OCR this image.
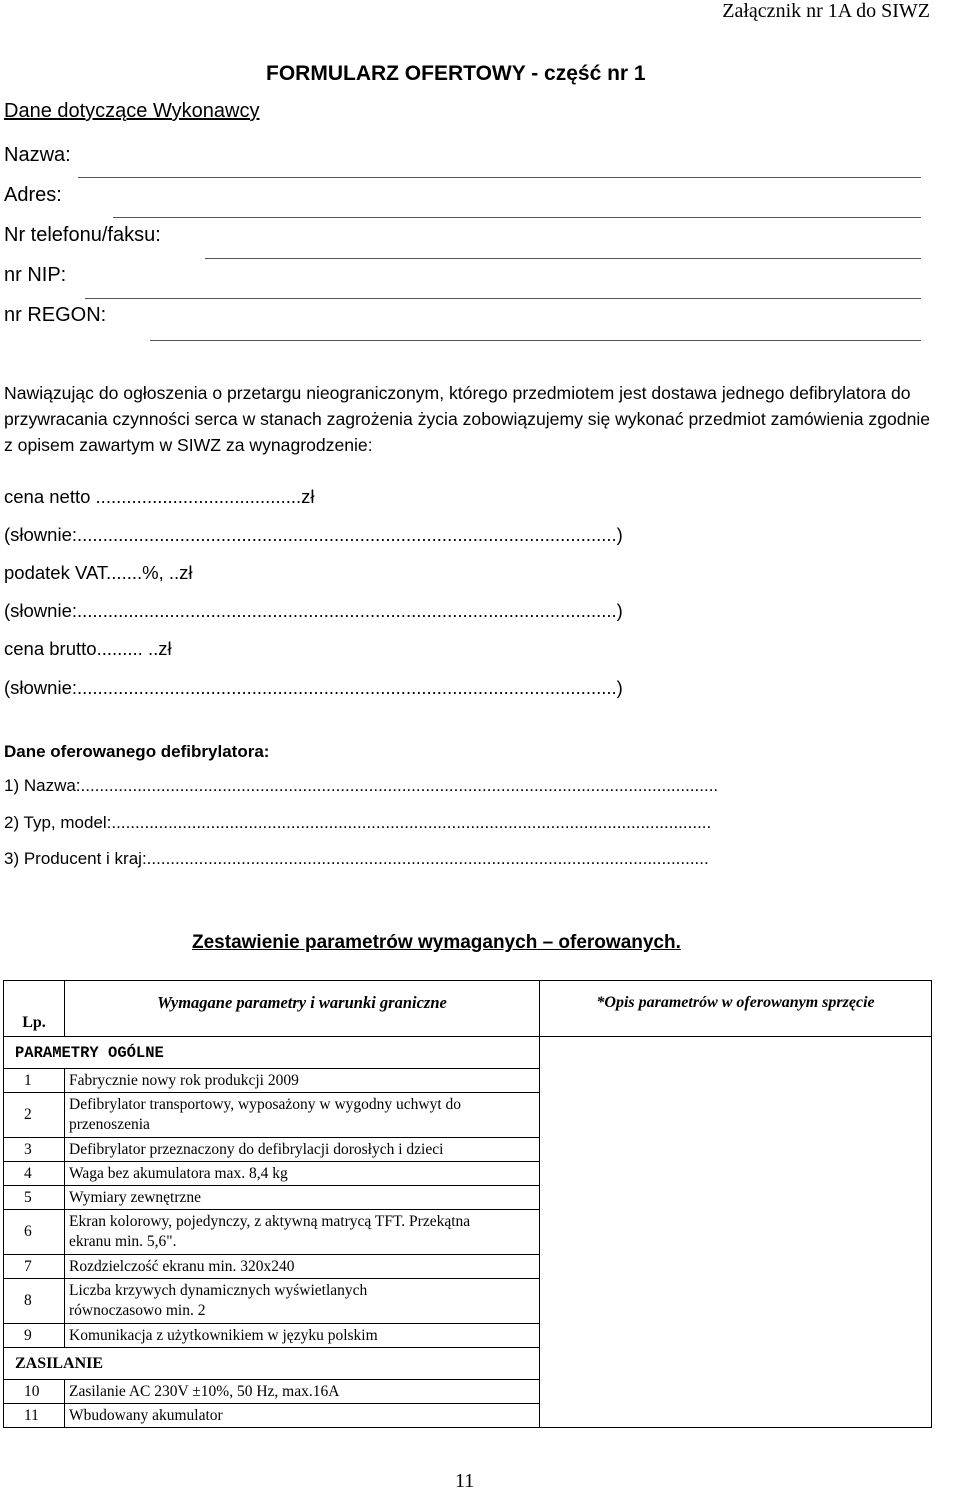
Załącznik nr 1A do SIWZ
FORMULARZ OFERTOWY - część nr 1
Dane dotyczące Wykonawcy
Nazwa:
Adres:
Nr telefonu/faksu:
nr NIP:
nr REGON:
Nawiązując do ogłoszenia o przetargu nieograniczonym, którego przedmiotem jest dostawa jednego defibrylatora do przywracania czynności serca w stanach zagrożenia życia zobowiązujemy się wykonać przedmiot zamówienia zgodnie z opisem zawartym w SIWZ za wynagrodzenie:
cena netto ........................................zł
(słownie:.........................................................................................................)
podatek VAT.......%, ..zł
(słownie:.........................................................................................................)
cena brutto......... ..zł
(słownie:.........................................................................................................)
Dane oferowanego defibrylatora:
1) Nazwa:.......................................................................................................................................
2) Typ, model:...............................................................................................................................
3) Producent i kraj:.......................................................................................................................
Zestawienie parametrów wymaganych – oferowanych.
Lp.	Wymagane parametry i warunki graniczne	*Opis parametrów w oferowanym sprzęcie
PARAMETRY OGÓLNE		
1	Fabrycznie nowy rok produkcji 2009	
2	Defibrylator transportowy, wyposażony w wygodny uchwyt do przenoszenia	
3	Defibrylator przeznaczony do defibrylacji dorosłych i dzieci	
4	Waga bez akumulatora max. 8,4 kg	
5	Wymiary zewnętrzne	
6	Ekran kolorowy, pojedynczy, z aktywną matrycą TFT. Przekątna ekranu min. 5,6".	
7	Rozdzielczość ekranu min. 320x240	
8	Liczba krzywych dynamicznych wyświetlanych równoczasowo min. 2	
9	Komunikacja z użytkownikiem w języku polskim	
ZASILANIE		
10	Zasilanie AC 230V ±10%, 50 Hz, max.16A	
11	Wbudowany akumulator	
11
